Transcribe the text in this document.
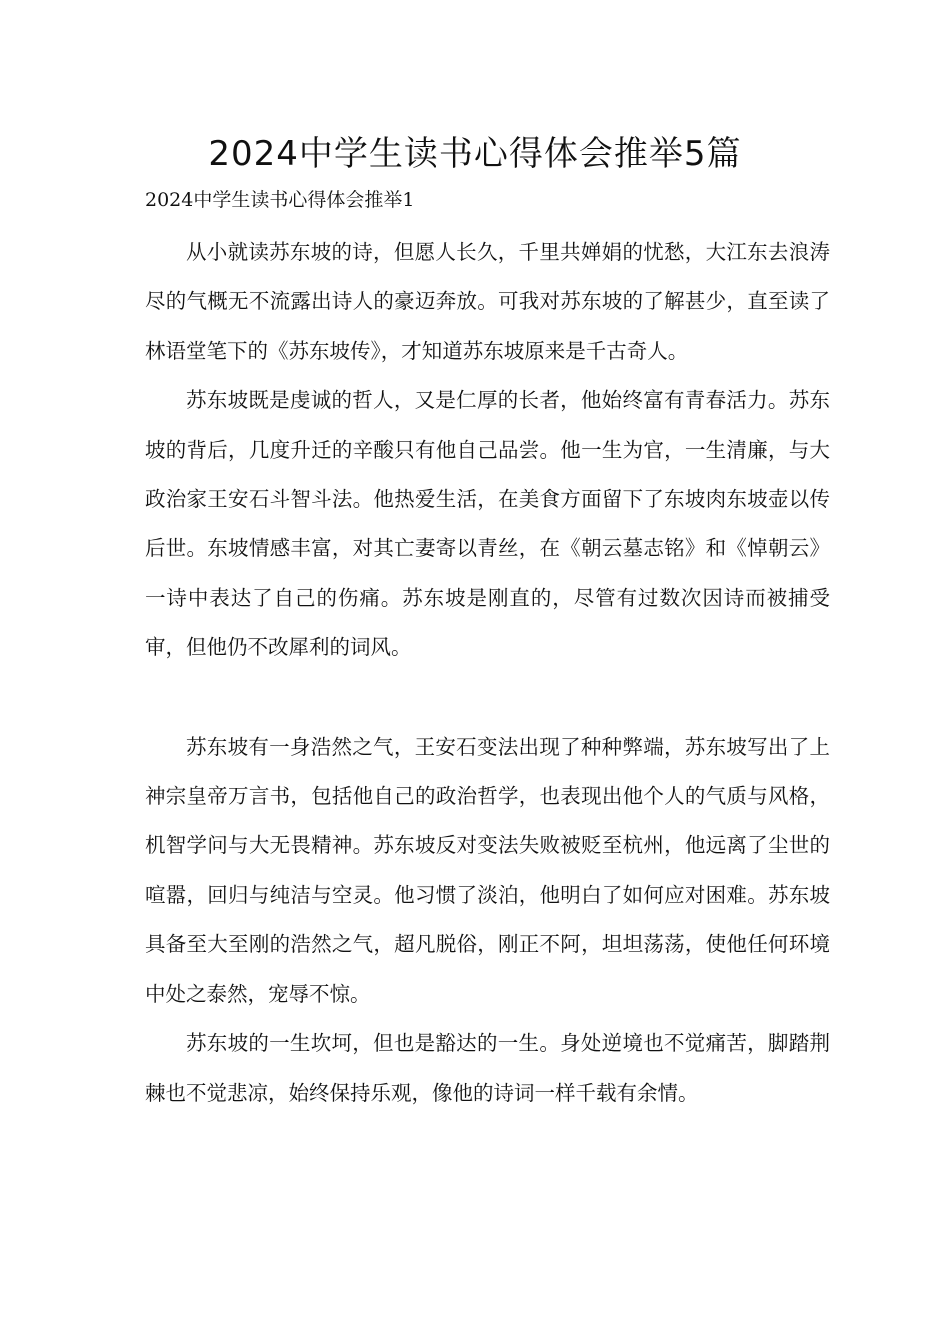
2024中学生读书心得体会推举5篇

2024中学生读书心得体会推举1

从小就读苏东坡的诗，但愿人长久，千里共婵娟的忧愁，大江东去浪涛尽的气概无不流露出诗人的豪迈奔放。可我对苏东坡的了解甚少，直至读了林语堂笔下的《苏东坡传》，才知道苏东坡原来是千古奇人。

苏东坡既是虔诚的哲人，又是仁厚的长者，他始终富有青春活力。苏东坡的背后，几度升迁的辛酸只有他自己品尝。他一生为官，一生清廉，与大政治家王安石斗智斗法。他热爱生活，在美食方面留下了东坡肉东坡壶以传后世。东坡情感丰富，对其亡妻寄以青丝，在《朝云墓志铭》和《悼朝云》一诗中表达了自己的伤痛。苏东坡是刚直的，尽管有过数次因诗而被捕受审，但他仍不改犀利的词风。

苏东坡有一身浩然之气，王安石变法出现了种种弊端，苏东坡写出了上神宗皇帝万言书，包括他自己的政治哲学，也表现出他个人的气质与风格，机智学问与大无畏精神。苏东坡反对变法失败被贬至杭州，他远离了尘世的喧嚣，回归与纯洁与空灵。他习惯了淡泊，他明白了如何应对困难。苏东坡具备至大至刚的浩然之气，超凡脱俗，刚正不阿，坦坦荡荡，使他任何环境中处之泰然，宠辱不惊。

苏东坡的一生坎坷，但也是豁达的一生。身处逆境也不觉痛苦，脚踏荆棘也不觉悲凉，始终保持乐观，像他的诗词一样千载有余情。
